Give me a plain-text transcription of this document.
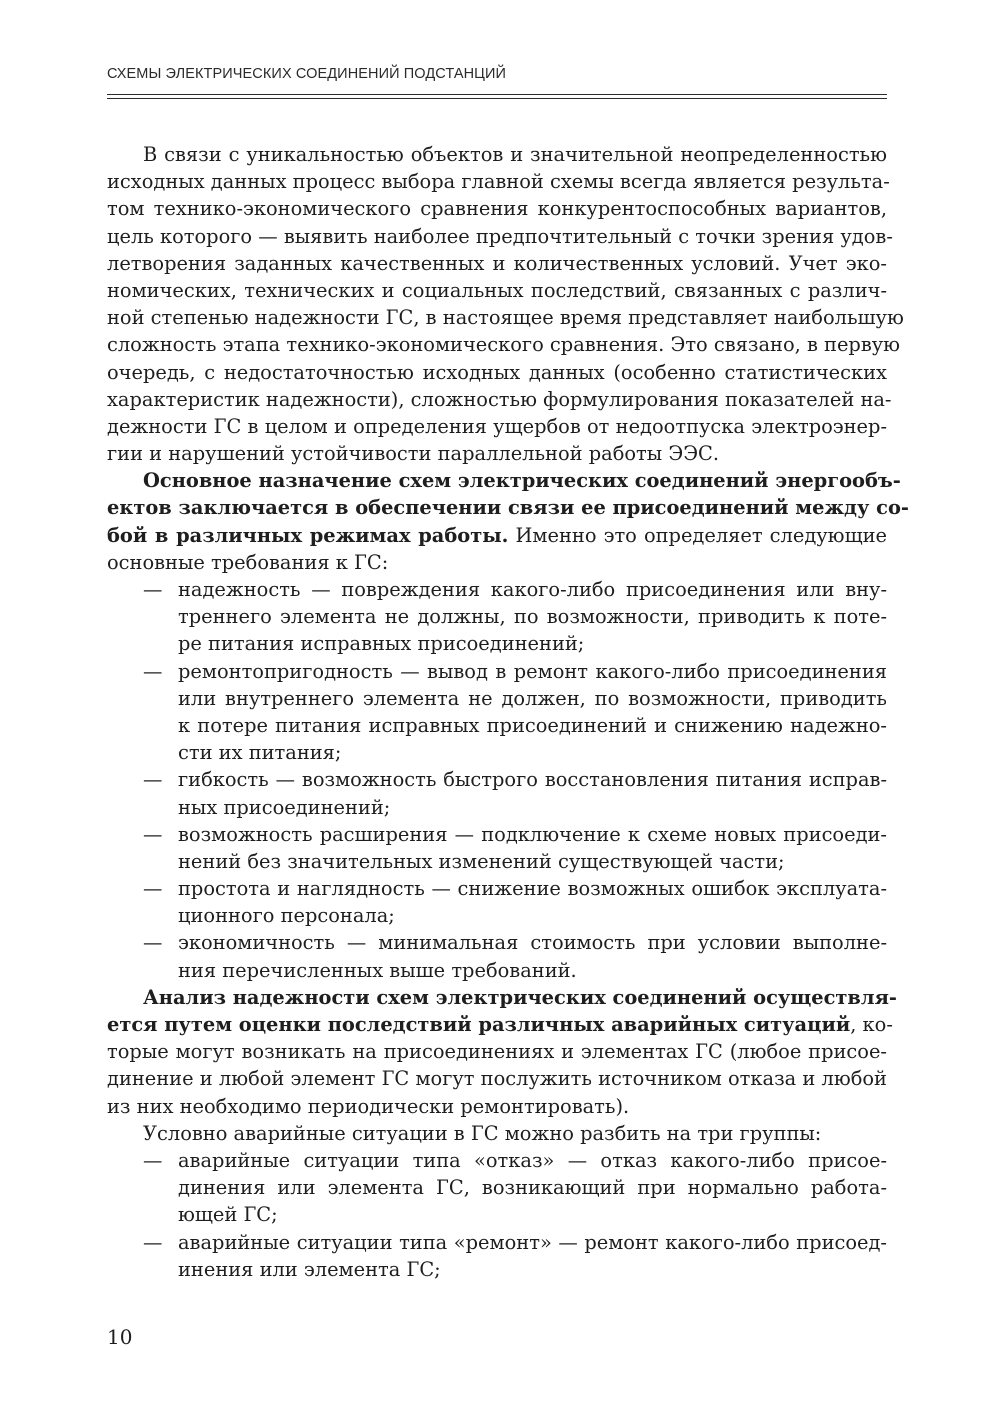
СХЕМЫ ЭЛЕКТРИЧЕСКИХ СОЕДИНЕНИЙ ПОДСТАНЦИЙ
В связи с уникальностью объектов и значительной неопределенностью
исходных данных процесс выбора главной схемы всегда является результа-
том технико-экономического сравнения конкурентоспособных вариантов,
цель которого — выявить наиболее предпочтительный с точки зрения удов-
летворения заданных качественных и количественных условий. Учет эко-
номических, технических и социальных последствий, связанных с различ-
ной степенью надежности ГС, в настоящее время представляет наибольшую
сложность этапа технико-экономического сравнения. Это связано, в первую
очередь, с недостаточностью исходных данных (особенно статистических
характеристик надежности), сложностью формулирования показателей на-
дежности ГС в целом и определения ущербов от недоотпуска электроэнер-
гии и нарушений устойчивости параллельной работы ЭЭС.
Основное назначение схем электрических соединений энергообъ-
ектов заключается в обеспечении связи ее присоединений между со-
бой в различных режимах работы. Именно это определяет следующие
основные требования к ГС:
— надежность — повреждения какого-либо присоединения или вну-
треннего элемента не должны, по возможности, приводить к поте-
ре питания исправных присоединений;
— ремонтопригодность — вывод в ремонт какого-либо присоединения
или внутреннего элемента не должен, по возможности, приводить
к потере питания исправных присоединений и снижению надежно-
сти их питания;
— гибкость — возможность быстрого восстановления питания исправ-
ных присоединений;
— возможность расширения — подключение к схеме новых присоеди-
нений без значительных изменений существующей части;
— простота и наглядность — снижение возможных ошибок эксплуата-
ционного персонала;
— экономичность — минимальная стоимость при условии выполне-
ния перечисленных выше требований.
Анализ надежности схем электрических соединений осуществля-
ется путем оценки последствий различных аварийных ситуаций, ко-
торые могут возникать на присоединениях и элементах ГС (любое присое-
динение и любой элемент ГС могут послужить источником отказа и любой
из них необходимо периодически ремонтировать).
Условно аварийные ситуации в ГС можно разбить на три группы:
— аварийные ситуации типа «отказ» — отказ какого-либо присое-
динения или элемента ГС, возникающий при нормально работа-
ющей ГС;
— аварийные ситуации типа «ремонт» — ремонт какого-либо присоед-
инения или элемента ГС;
10
